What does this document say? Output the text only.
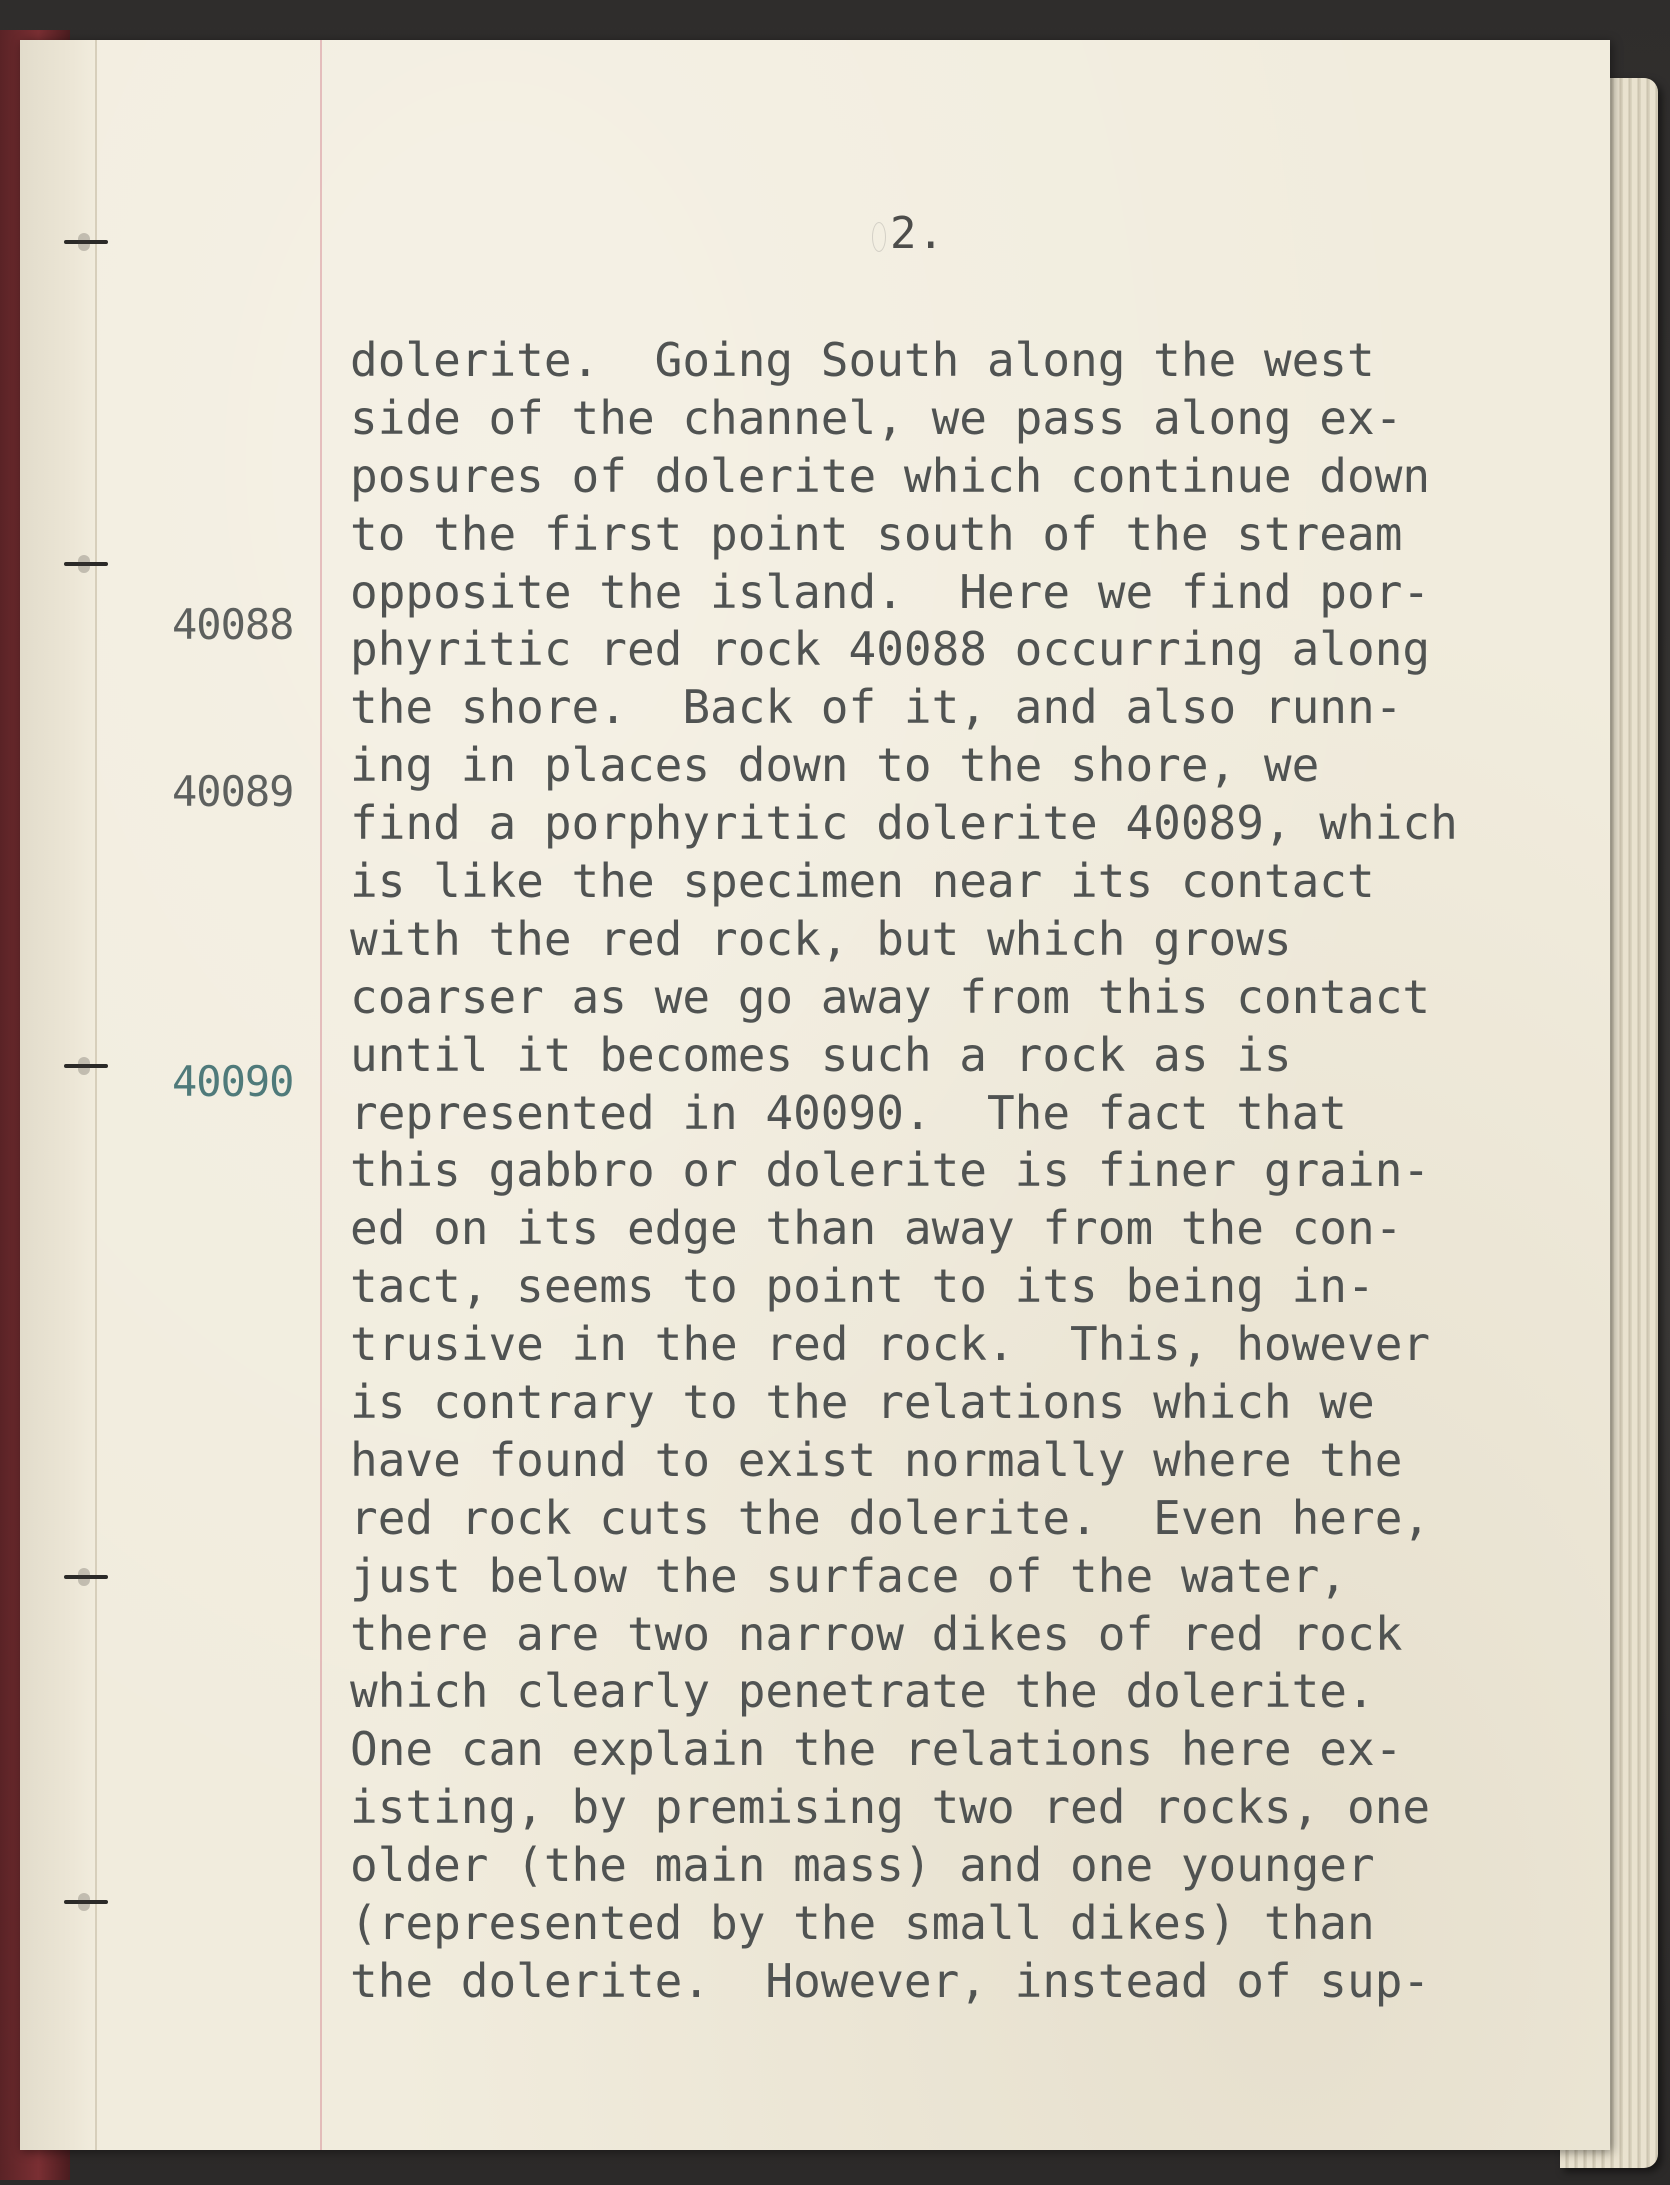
2.
40088
40089
40090
dolerite.  Going South along the west
side of the channel, we pass along ex-
posures of dolerite which continue down
to the first point south of the stream
opposite the island.  Here we find por-
phyritic red rock 40088 occurring along
the shore.  Back of it, and also runn-
ing in places down to the shore, we
find a porphyritic dolerite 40089, which
is like the specimen near its contact
with the red rock, but which grows
coarser as we go away from this contact
until it becomes such a rock as is
represented in 40090.  The fact that
this gabbro or dolerite is finer grain-
ed on its edge than away from the con-
tact, seems to point to its being in-
trusive in the red rock.  This, however
is contrary to the relations which we
have found to exist normally where the
red rock cuts the dolerite.  Even here,
just below the surface of the water,
there are two narrow dikes of red rock
which clearly penetrate the dolerite.
One can explain the relations here ex-
isting, by premising two red rocks, one
older (the main mass) and one younger
(represented by the small dikes) than
the dolerite.  However, instead of sup-
